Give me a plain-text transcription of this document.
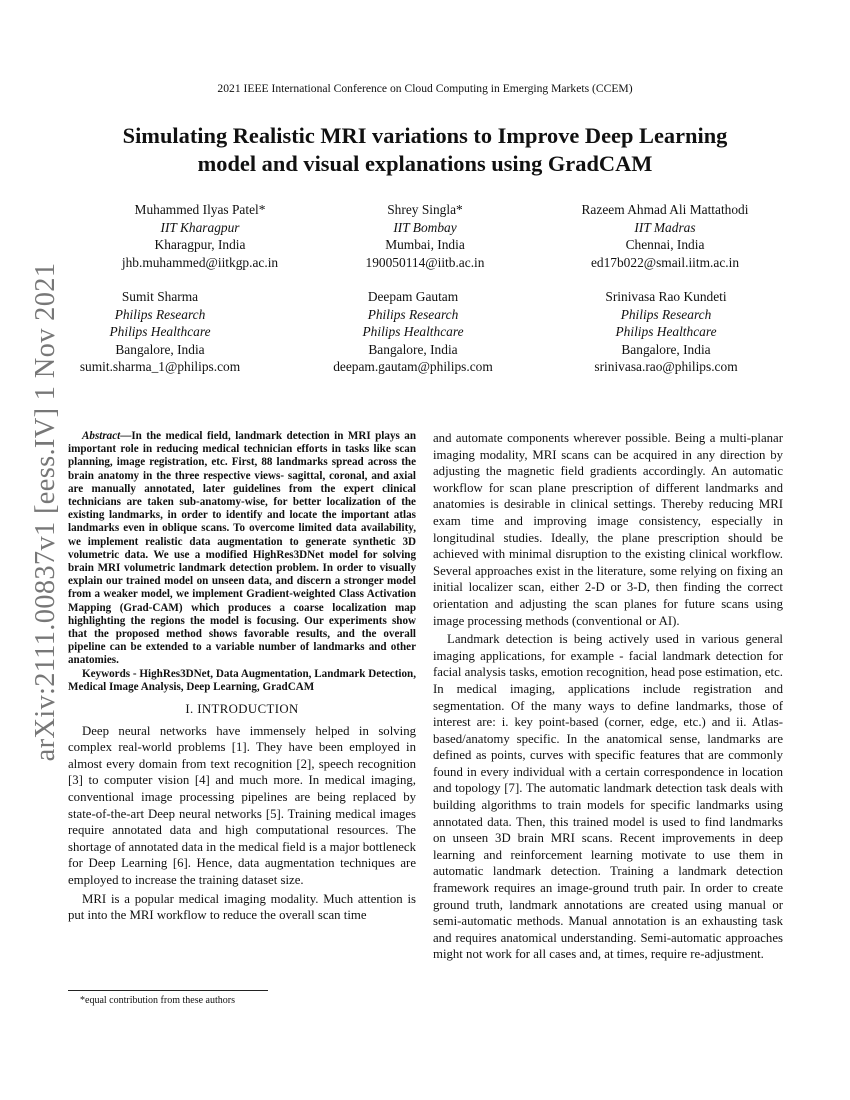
2021 IEEE International Conference on Cloud Computing in Emerging Markets (CCEM)
Simulating Realistic MRI variations to Improve Deep Learning
model and visual explanations using GradCAM
Muhammed Ilyas Patel*
IIT Kharagpur
Kharagpur, India
jhb.muhammed@iitkgp.ac.in
Shrey Singla*
IIT Bombay
Mumbai, India
190050114@iitb.ac.in
Razeem Ahmad Ali Mattathodi
IIT Madras
Chennai, India
ed17b022@smail.iitm.ac.in
Sumit Sharma
Philips Research
Philips Healthcare
Bangalore, India
sumit.sharma_1@philips.com
Deepam Gautam
Philips Research
Philips Healthcare
Bangalore, India
deepam.gautam@philips.com
Srinivasa Rao Kundeti
Philips Research
Philips Healthcare
Bangalore, India
srinivasa.rao@philips.com
arXiv:2111.00837v1 [eess.IV] 1 Nov 2021	Abstract—In the medical field, landmark detection in MRI plays an important role in reducing medical technician efforts in tasks like scan planning, image registration, etc. First, 88 landmarks spread across the brain anatomy in the three respective views- sagittal, coronal, and axial are manually annotated, later guidelines from the expert clinical technicians are taken sub-anatomy-wise, for better localization of the existing landmarks, in order to identify and locate the important atlas landmarks even in oblique scans. To overcome limited data availability, we implement realistic data augmentation to generate synthetic 3D volumetric data. We use a modified HighRes3DNet model for solving brain MRI volumetric landmark detection problem. In order to visually explain our trained model on unseen data, and discern a stronger model from a weaker model, we implement Gradient-weighted Class Activation Mapping (Grad-CAM) which produces a coarse localization map highlighting the regions the model is focusing. Our experiments show that the proposed method shows favorable results, and the overall pipeline can be extended to a variable number of landmarks and other anatomies.

Keywords - HighRes3DNet, Data Augmentation, Landmark Detection, Medical Image Analysis, Deep Learning, GradCAM

I. INTRODUCTION

Deep neural networks have immensely helped in solving complex real-world problems [1]. They have been employed in almost every domain from text recognition [2], speech recognition [3] to computer vision [4] and much more. In medical imaging, conventional image processing pipelines are being replaced by state-of-the-art Deep neural networks [5]. Training medical images require annotated data and high computational resources. The shortage of annotated data in the medical field is a major bottleneck for Deep Learning [6]. Hence, data augmentation techniques are employed to increase the training dataset size.

MRI is a popular medical imaging modality. Much attention is put into the MRI workflow to reduce the overall scan time

*equal contribution from these authors

and automate components wherever possible. Being a multi-planar imaging modality, MRI scans can be acquired in any direction by adjusting the magnetic field gradients accordingly. An automatic workflow for scan plane prescription of different landmarks and anatomies is desirable in clinical settings. Thereby reducing MRI exam time and improving image consistency, especially in longitudinal studies. Ideally, the plane prescription should be achieved with minimal disruption to the existing clinical workflow. Several approaches exist in the literature, some relying on fixing an initial localizer scan, either 2-D or 3-D, then finding the correct orientation and adjusting the scan planes for future scans using image processing methods (conventional or AI).

Landmark detection is being actively used in various general imaging applications, for example - facial landmark detection for facial analysis tasks, emotion recognition, head pose estimation, etc. In medical imaging, applications include registration and segmentation. Of the many ways to define landmarks, those of interest are: i. key point-based (corner, edge, etc.) and ii. Atlas-based/anatomy specific. In the anatomical sense, landmarks are defined as points, curves with specific features that are commonly found in every individual with a certain correspondence in location and topology [7]. The automatic landmark detection task deals with building algorithms to train models for specific landmarks using annotated data. Then, this trained model is used to find landmarks on unseen 3D brain MRI scans. Recent improvements in deep learning and reinforcement learning motivate to use them in automatic landmark detection. Training a landmark detection framework requires an image-ground truth pair. In order to create ground truth, landmark annotations are created using manual or semi-automatic methods. Manual annotation is an exhausting task and requires anatomical understanding. Semi-automatic approaches might not work for all cases and, at times, require re-adjustment.
